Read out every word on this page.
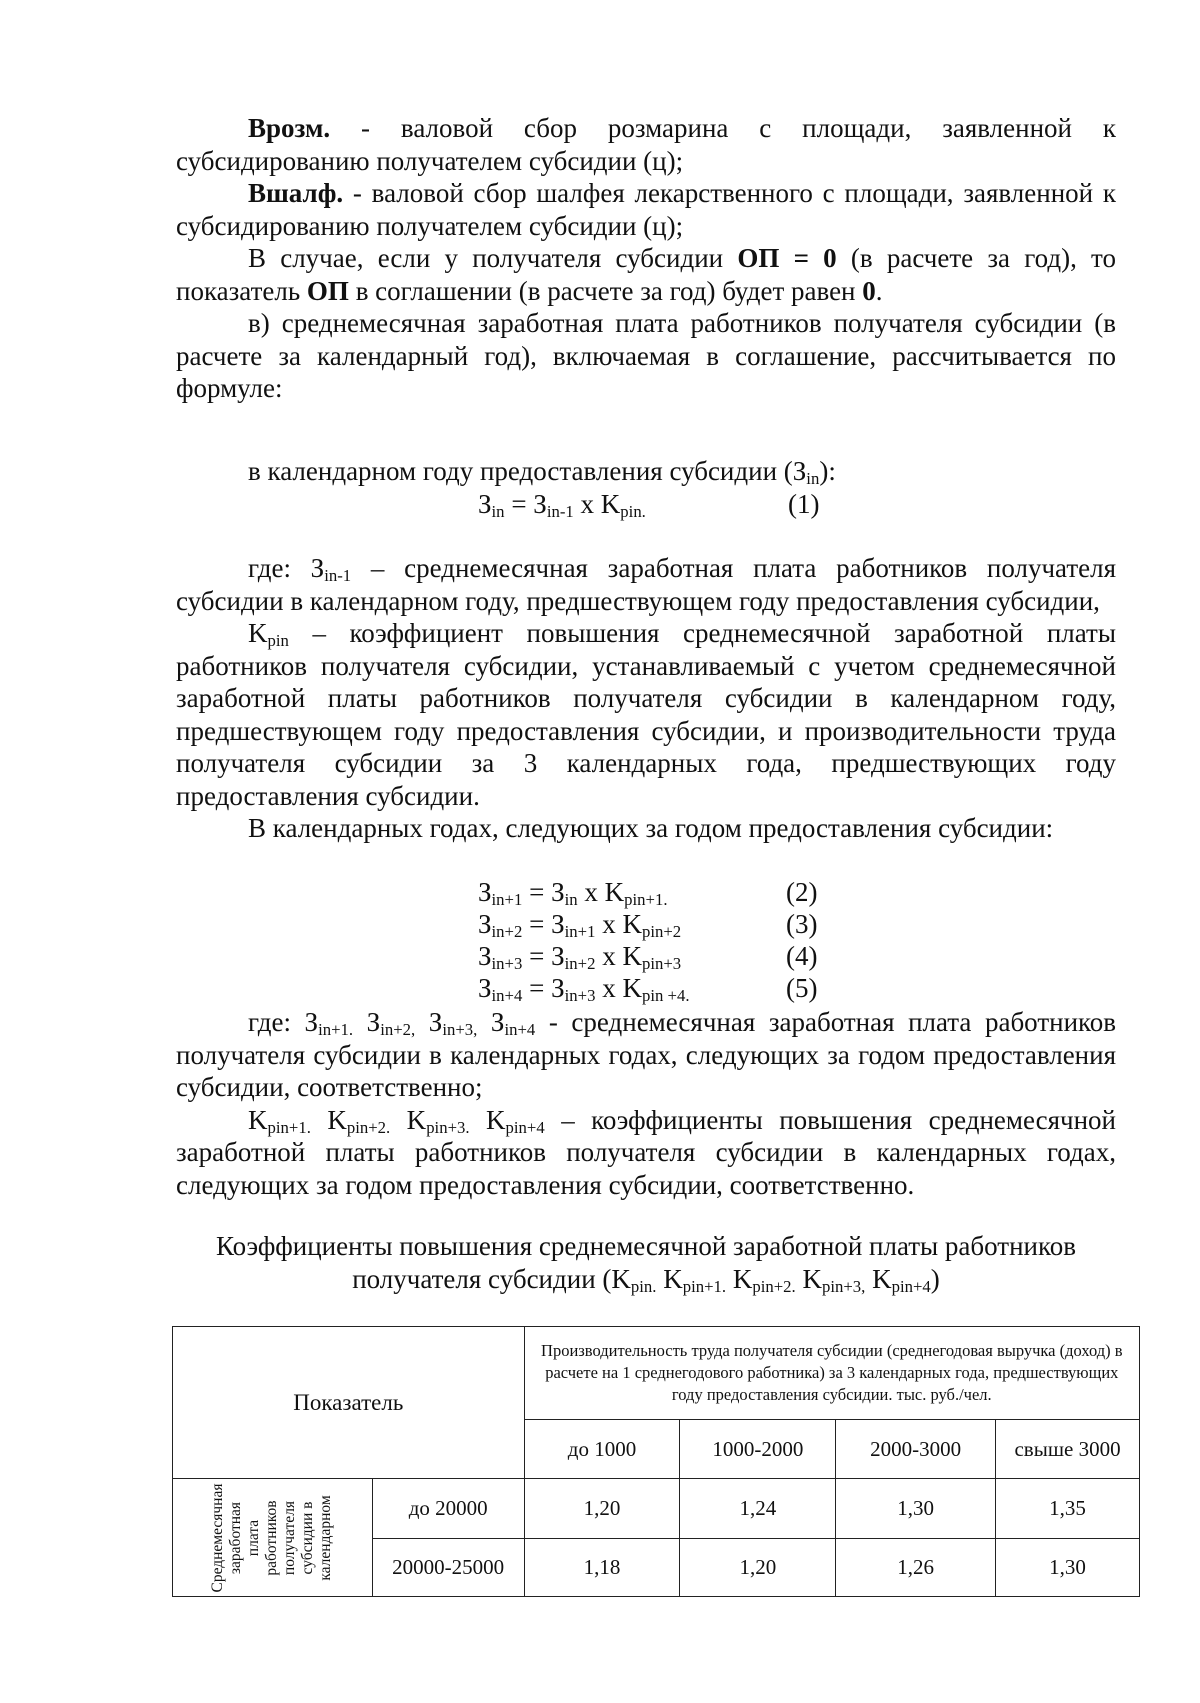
Врозм. - валовой сбор розмарина с площади, заявленной к субсидированию получателем субсидии (ц);

Вшалф. - валовой сбор шалфея лекарственного с площади, заявленной к субсидированию получателем субсидии (ц);

В случае, если у получателя субсидии ОП = 0 (в расчете за год), то показатель ОП в соглашении (в расчете за год) будет равен 0.

в) среднемесячная заработная плата работников получателя субсидии (в расчете за календарный год), включаемая в соглашение, рассчитывается по формуле:

в календарном году предоставления субсидии $(З_{in})$:
$З_{in} = З_{in-1}$ x $K_{pin.}$	(1)

где: $З_{in-1}$ – среднемесячная заработная плата работников получателя субсидии в календарном году, предшествующем году предоставления субсидии,

$K_{pin}$ – коэффициент повышения среднемесячной заработной платы работников получателя субсидии, устанавливаемый с учетом среднемесячной заработной платы работников получателя субсидии в календарном году, предшествующем году предоставления субсидии, и производительности труда получателя субсидии за 3 календарных года, предшествующих году предоставления субсидии.

В календарных годах, следующих за годом предоставления субсидии:

$З_{in+1} = З_{in}$ x $K_{pin+1.}$	(2)
$З_{in+2} = З_{in+1}$ x $K_{pin+2}$	(3)
$З_{in+3} = З_{in+2}$ x $K_{pin+3}$	(4)
$З_{in+4} = З_{in+3}$ x $K_{pin +4.}$	(5)

где: $З_{in+1.}$ $З_{in+2,}$ $З_{in+3,}$ $З_{in+4}$ - среднемесячная заработная плата работников получателя субсидии в календарных годах, следующих за годом предоставления субсидии, соответственно;

$K_{pin+1.}$ $K_{pin+2.}$ $K_{pin+3.}$ $K_{pin+4}$ – коэффициенты повышения среднемесячной заработной платы работников получателя субсидии в календарных годах, следующих за годом предоставления субсидии, соответственно.

Коэффициенты повышения среднемесячной заработной платы работников
получателя субсидии ($K_{pin.}$ $K_{pin+1.}$ $K_{pin+2.}$ $K_{pin+3,}$ $K_{pin+4}$)
Показатель		Производительность труда получателя субсидии (среднегодовая выручка (доход) в расчете на 1 среднегодового работника) за 3 календарных года, предшествующих году предоставления субсидии. тыс. руб./чел.			
		до 1000	1000-2000	2000-3000	свыше 3000

Среднемесячная заработная плата работников получателя субсидии в календарном	до 20000	1,20	1,24	1,30	1,35
	20000-25000	1,18	1,20	1,26	1,30
